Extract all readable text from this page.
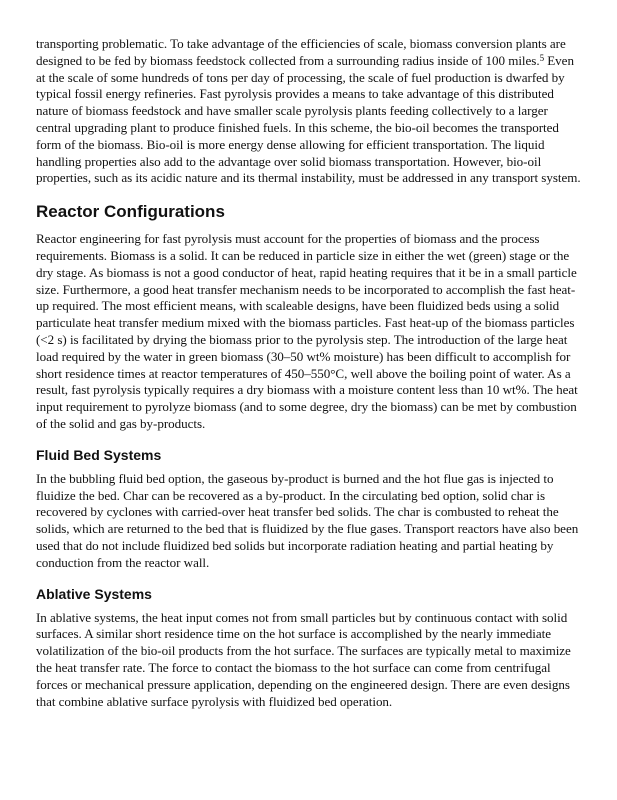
transporting problematic. To take advantage of the efficiencies of scale, biomass conversion plants are designed to be fed by biomass feedstock collected from a surrounding radius inside of 100 miles.$^5$ Even at the scale of some hundreds of tons per day of processing, the scale of fuel production is dwarfed by typical fossil energy refineries. Fast pyrolysis provides a means to take advantage of this distributed nature of biomass feedstock and have smaller scale pyrolysis plants feeding collectively to a larger central upgrading plant to produce finished fuels. In this scheme, the bio-oil becomes the transported form of the biomass. Bio-oil is more energy dense allowing for efficient transportation. The liquid handling properties also add to the advantage over solid biomass transportation. However, bio-oil properties, such as its acidic nature and its thermal instability, must be addressed in any transport system.

Reactor Configurations

Reactor engineering for fast pyrolysis must account for the properties of biomass and the process requirements. Biomass is a solid. It can be reduced in particle size in either the wet (green) stage or the dry stage. As biomass is not a good conductor of heat, rapid heating requires that it be in a small particle size. Furthermore, a good heat transfer mechanism needs to be incorporated to accomplish the fast heat-up required. The most efficient means, with scaleable designs, have been fluidized beds using a solid particulate heat transfer medium mixed with the biomass particles. Fast heat-up of the biomass particles (<2 s) is facilitated by drying the biomass prior to the pyrolysis step. The introduction of the large heat load required by the water in green biomass (30–50 wt% moisture) has been difficult to accomplish for short residence times at reactor temperatures of 450–550°C, well above the boiling point of water. As a result, fast pyrolysis typically requires a dry biomass with a moisture content less than 10 wt%. The heat input requirement to pyrolyze biomass (and to some degree, dry the biomass) can be met by combustion of the solid and gas by-products.

Fluid Bed Systems

In the bubbling fluid bed option, the gaseous by-product is burned and the hot flue gas is injected to fluidize the bed. Char can be recovered as a by-product. In the circulating bed option, solid char is recovered by cyclones with carried-over heat transfer bed solids. The char is combusted to reheat the solids, which are returned to the bed that is fluidized by the flue gases. Transport reactors have also been used that do not include fluidized bed solids but incorporate radiation heating and partial heating by conduction from the reactor wall.

Ablative Systems

In ablative systems, the heat input comes not from small particles but by continuous contact with solid surfaces. A similar short residence time on the hot surface is accomplished by the nearly immediate volatilization of the bio-oil products from the hot surface. The surfaces are typically metal to maximize the heat transfer rate. The force to contact the biomass to the hot surface can come from centrifugal forces or mechanical pressure application, depending on the engineered design. There are even designs that combine ablative surface pyrolysis with fluidized bed operation.
